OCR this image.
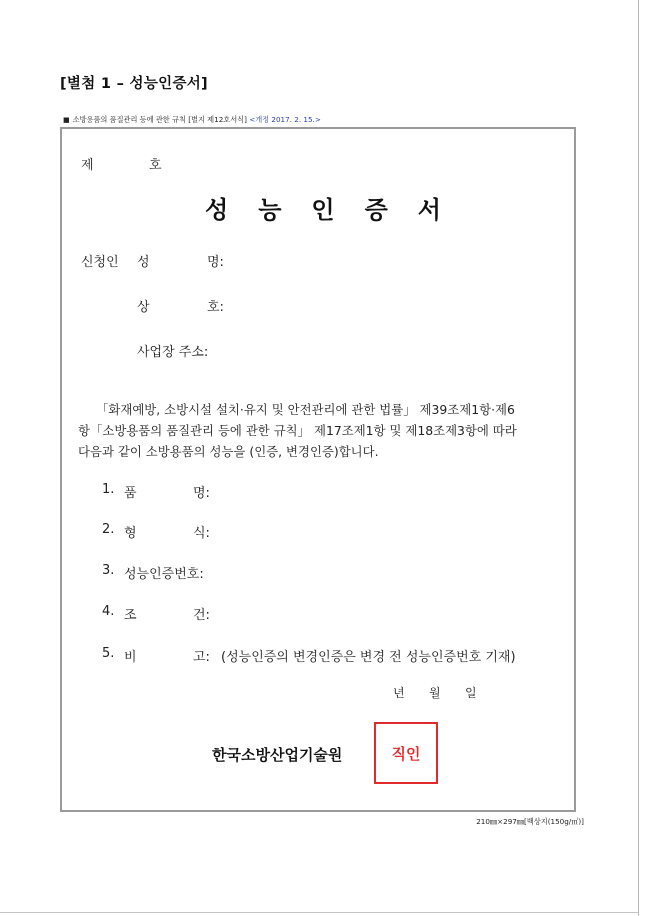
[별첨 1 – 성능인증서]
■ 소방용품의 품질관리 등에 관한 규칙 [별지 제12호서식] <개정 2017. 2. 15.>
제	호
성능인증서
신청인 성	명:
상	호:
사업장 주소:
「화재예방, 소방시설 설치·유지 및 안전관리에 관한 법률」 제39조제1항·제6
항「소방용품의 품질관리 등에 관한 규칙」 제17조제1항 및 제18조제3항에 따라
다음과 같이 소방용품의 성능을 (인증, 변경인증)합니다.
1. 품	명:
2. 형	식:
3. 성능인증번호:
4. 조	건:
5. 비	고: (성능인증의 변경인증은 변경 전 성능인증번호 기재)
년 월 일
한국소방산업기술원	직인
210㎜×297㎜[백상지(150g/㎡)]
